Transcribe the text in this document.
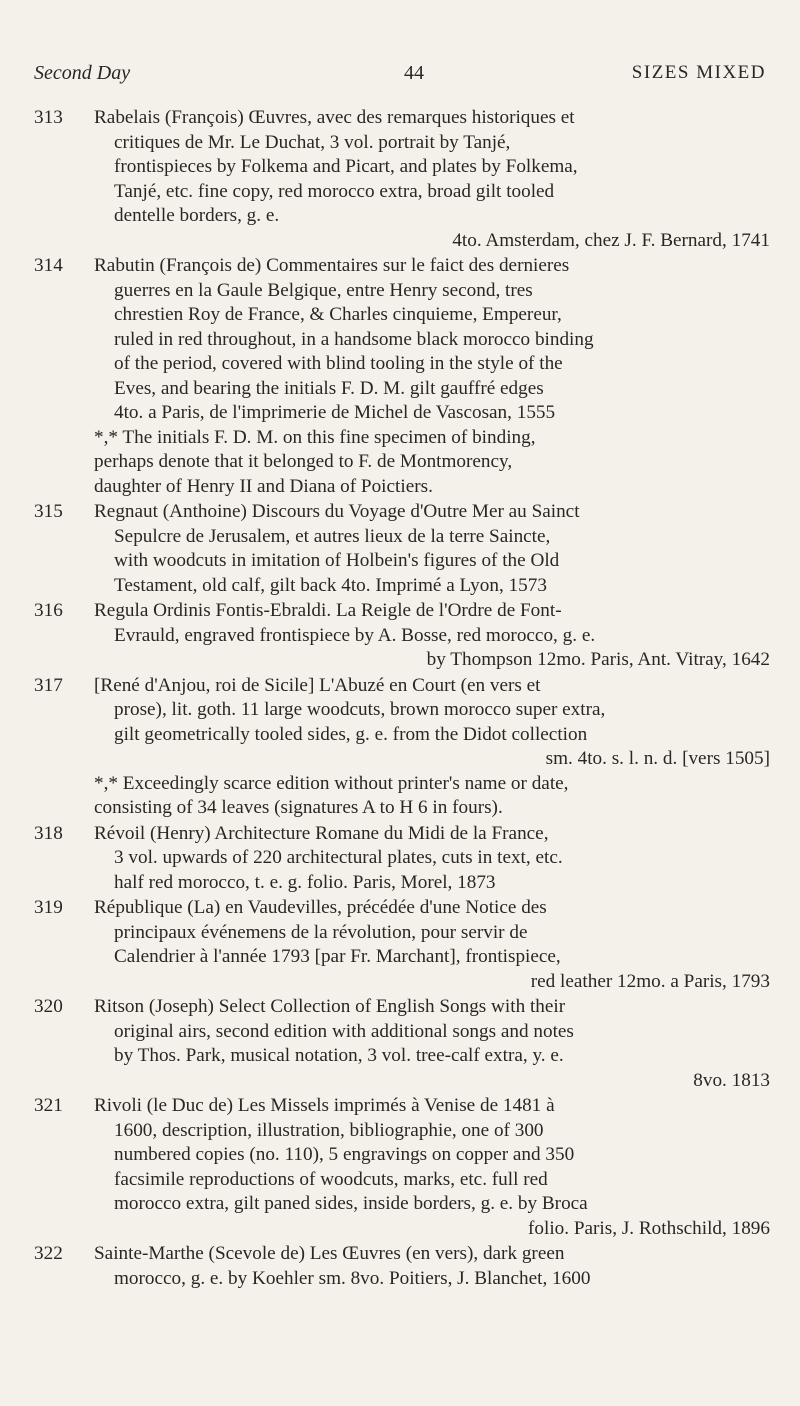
Second Day	44	SIZES MIXED
313	Rabelais (François) Œuvres, avec des remarques historiques et
critiques de Mr. Le Duchat, 3 vol. portrait by Tanjé,
frontispieces by Folkema and Picart, and plates by Folkema,
Tanjé, etc. fine copy, red morocco extra, broad gilt tooled
dentelle borders, g. e.
4to. Amsterdam, chez J. F. Bernard, 1741
314	Rabutin (François de) Commentaires sur le faict des dernieres
guerres en la Gaule Belgique, entre Henry second, tres
chrestien Roy de France, & Charles cinquieme, Empereur,
ruled in red throughout, in a handsome black morocco binding
of the period, covered with blind tooling in the style of the
Eves, and bearing the initials F. D. M. gilt gauffré edges
4to. a Paris, de l'imprimerie de Michel de Vascosan, 1555
*,* The initials F. D. M. on this fine specimen of binding,
perhaps denote that it belonged to F. de Montmorency,
daughter of Henry II and Diana of Poictiers.
315	Regnaut (Anthoine) Discours du Voyage d'Outre Mer au Sainct
Sepulcre de Jerusalem, et autres lieux de la terre Saincte,
with woodcuts in imitation of Holbein's figures of the Old
Testament, old calf, gilt back 4to. Imprimé a Lyon, 1573
316	Regula Ordinis Fontis-Ebraldi. La Reigle de l'Ordre de Font-
Evrauld, engraved frontispiece by A. Bosse, red morocco, g. e.
by Thompson 12mo. Paris, Ant. Vitray, 1642
317	[René d'Anjou, roi de Sicile] L'Abuzé en Court (en vers et
prose), lit. goth. 11 large woodcuts, brown morocco super extra,
gilt geometrically tooled sides, g. e. from the Didot collection
sm. 4to. s. l. n. d. [vers 1505]
*,* Exceedingly scarce edition without printer's name or date,
consisting of 34 leaves (signatures A to H 6 in fours).
318	Révoil (Henry) Architecture Romane du Midi de la France,
3 vol. upwards of 220 architectural plates, cuts in text, etc.
half red morocco, t. e. g. folio. Paris, Morel, 1873
319	République (La) en Vaudevilles, précédée d'une Notice des
principaux événemens de la révolution, pour servir de
Calendrier à l'année 1793 [par Fr. Marchant], frontispiece,
red leather 12mo. a Paris, 1793
320	Ritson (Joseph) Select Collection of English Songs with their
original airs, second edition with additional songs and notes
by Thos. Park, musical notation, 3 vol. tree-calf extra, y. e.
8vo. 1813
321	Rivoli (le Duc de) Les Missels imprimés à Venise de 1481 à
1600, description, illustration, bibliographie, one of 300
numbered copies (no. 110), 5 engravings on copper and 350
facsimile reproductions of woodcuts, marks, etc. full red
morocco extra, gilt paned sides, inside borders, g. e. by Broca
folio. Paris, J. Rothschild, 1896
322	Sainte-Marthe (Scevole de) Les Œuvres (en vers), dark green
morocco, g. e. by Koehler sm. 8vo. Poitiers, J. Blanchet, 1600
